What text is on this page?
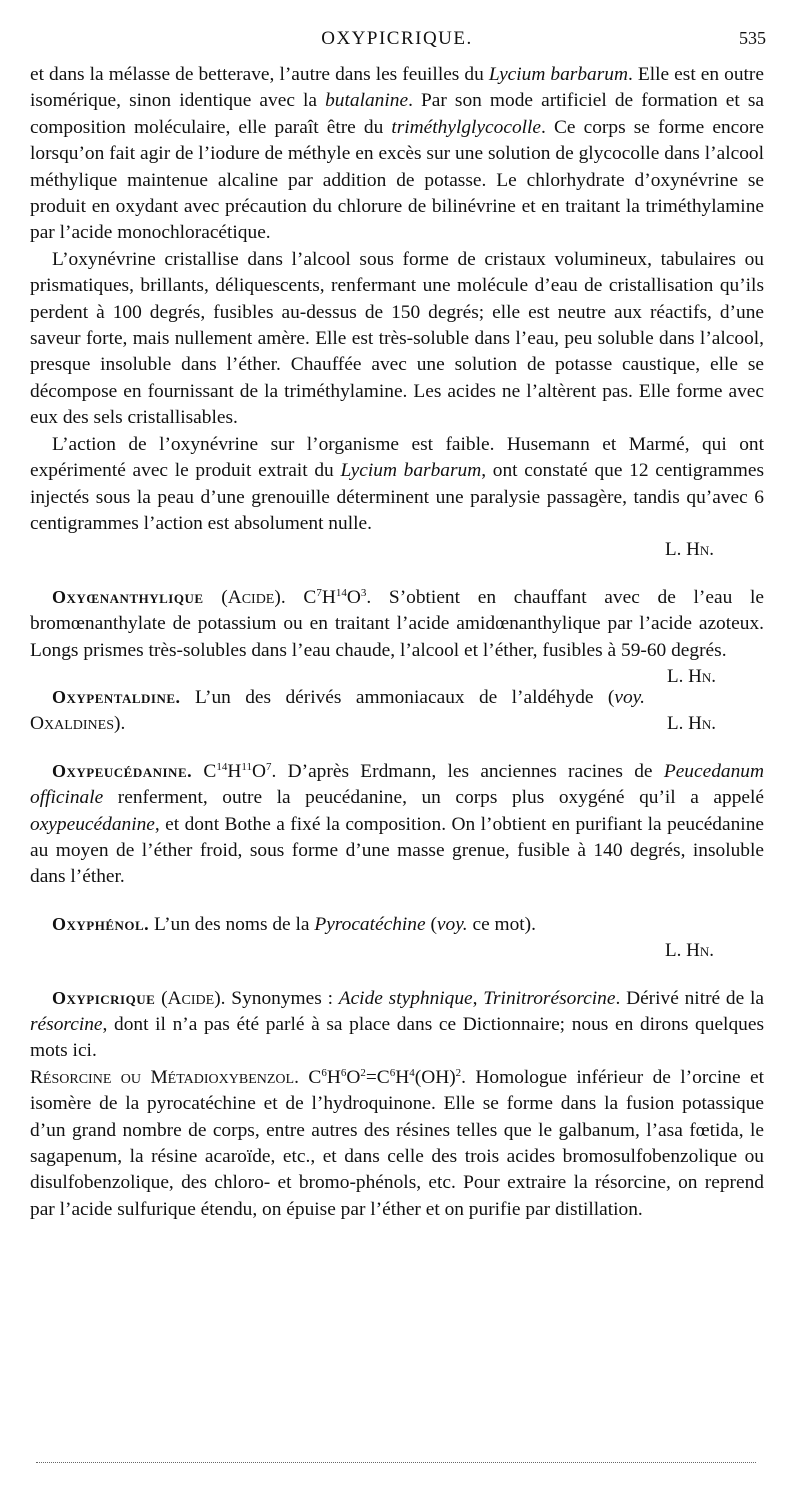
OXYPICRIQUE.	535

et dans la mélasse de betterave, l’autre dans les feuilles du Lycium barbarum. Elle est en outre isomérique, sinon identique avec la butalanine. Par son mode artificiel de formation et sa composition moléculaire, elle paraît être du triméthylglycocolle. Ce corps se forme encore lorsqu’on fait agir de l’iodure de méthyle en excès sur une solution de glycocolle dans l’alcool méthylique maintenue alcaline par addition de potasse. Le chlorhydrate d’oxynévrine se produit en oxydant avec précaution du chlorure de bilinévrine et en traitant la triméthylamine par l’acide monochloracétique.

L’oxynévrine cristallise dans l’alcool sous forme de cristaux volumineux, tabulaires ou prismatiques, brillants, déliquescents, renfermant une molécule d’eau de cristallisation qu’ils perdent à 100 degrés, fusibles au-dessus de 150 degrés; elle est neutre aux réactifs, d’une saveur forte, mais nullement amère. Elle est très-soluble dans l’eau, peu soluble dans l’alcool, presque insoluble dans l’éther. Chauffée avec une solution de potasse caustique, elle se décompose en fournissant de la triméthylamine. Les acides ne l’altèrent pas. Elle forme avec eux des sels cristallisables.

L’action de l’oxynévrine sur l’organisme est faible. Husemann et Marmé, qui ont expérimenté avec le produit extrait du Lycium barbarum, ont constaté que 12 centigrammes injectés sous la peau d’une grenouille déterminent une paralysie passagère, tandis qu’avec 6 centigrammes l’action est absolument nulle.

L. Hn.

Oxyœnanthylique (Acide). $C^7H^{14}O^3$. S’obtient en chauffant avec de l’eau le bromœnanthylate de potassium ou en traitant l’acide amidœnanthylique par l’acide azoteux. Longs prismes très-solubles dans l’eau chaude, l’alcool et l’éther, fusibles à 59-60 degrés.
L. Hn.

Oxypentaldine. L’un des dérivés ammoniacaux de l’aldéhyde (voy. Oxaldines).	L. Hn.

Oxypeucédanine. $C^{14}H^{11}O^7$. D’après Erdmann, les anciennes racines de Peucedanum officinale renferment, outre la peucédanine, un corps plus oxygéné qu’il a appelé oxypeucédanine, et dont Bothe a fixé la composition. On l’obtient en purifiant la peucédanine au moyen de l’éther froid, sous forme d’une masse grenue, fusible à 140 degrés, insoluble dans l’éther.

Oxyphénol. L’un des noms de la Pyrocatéchine (voy. ce mot).

L. Hn.

Oxypicrique (Acide). Synonymes : Acide styphnique, Trinitrorésorcine. Dérivé nitré de la résorcine, dont il n’a pas été parlé à sa place dans ce Dictionnaire; nous en dirons quelques mots ici.

Résorcine ou Métadioxybenzol. $C^6H^6O^2=C^6H^4(OH)^2$. Homologue inférieur de l’orcine et isomère de la pyrocatéchine et de l’hydroquinone. Elle se forme dans la fusion potassique d’un grand nombre de corps, entre autres des résines telles que le galbanum, l’asa fœtida, le sagapenum, la résine acaroïde, etc., et dans celle des trois acides bromosulfobenzolique ou disulfobenzolique, des chloro- et bromo-phénols, etc. Pour extraire la résorcine, on reprend par l’acide sulfurique étendu, on épuise par l’éther et on purifie par distillation.
